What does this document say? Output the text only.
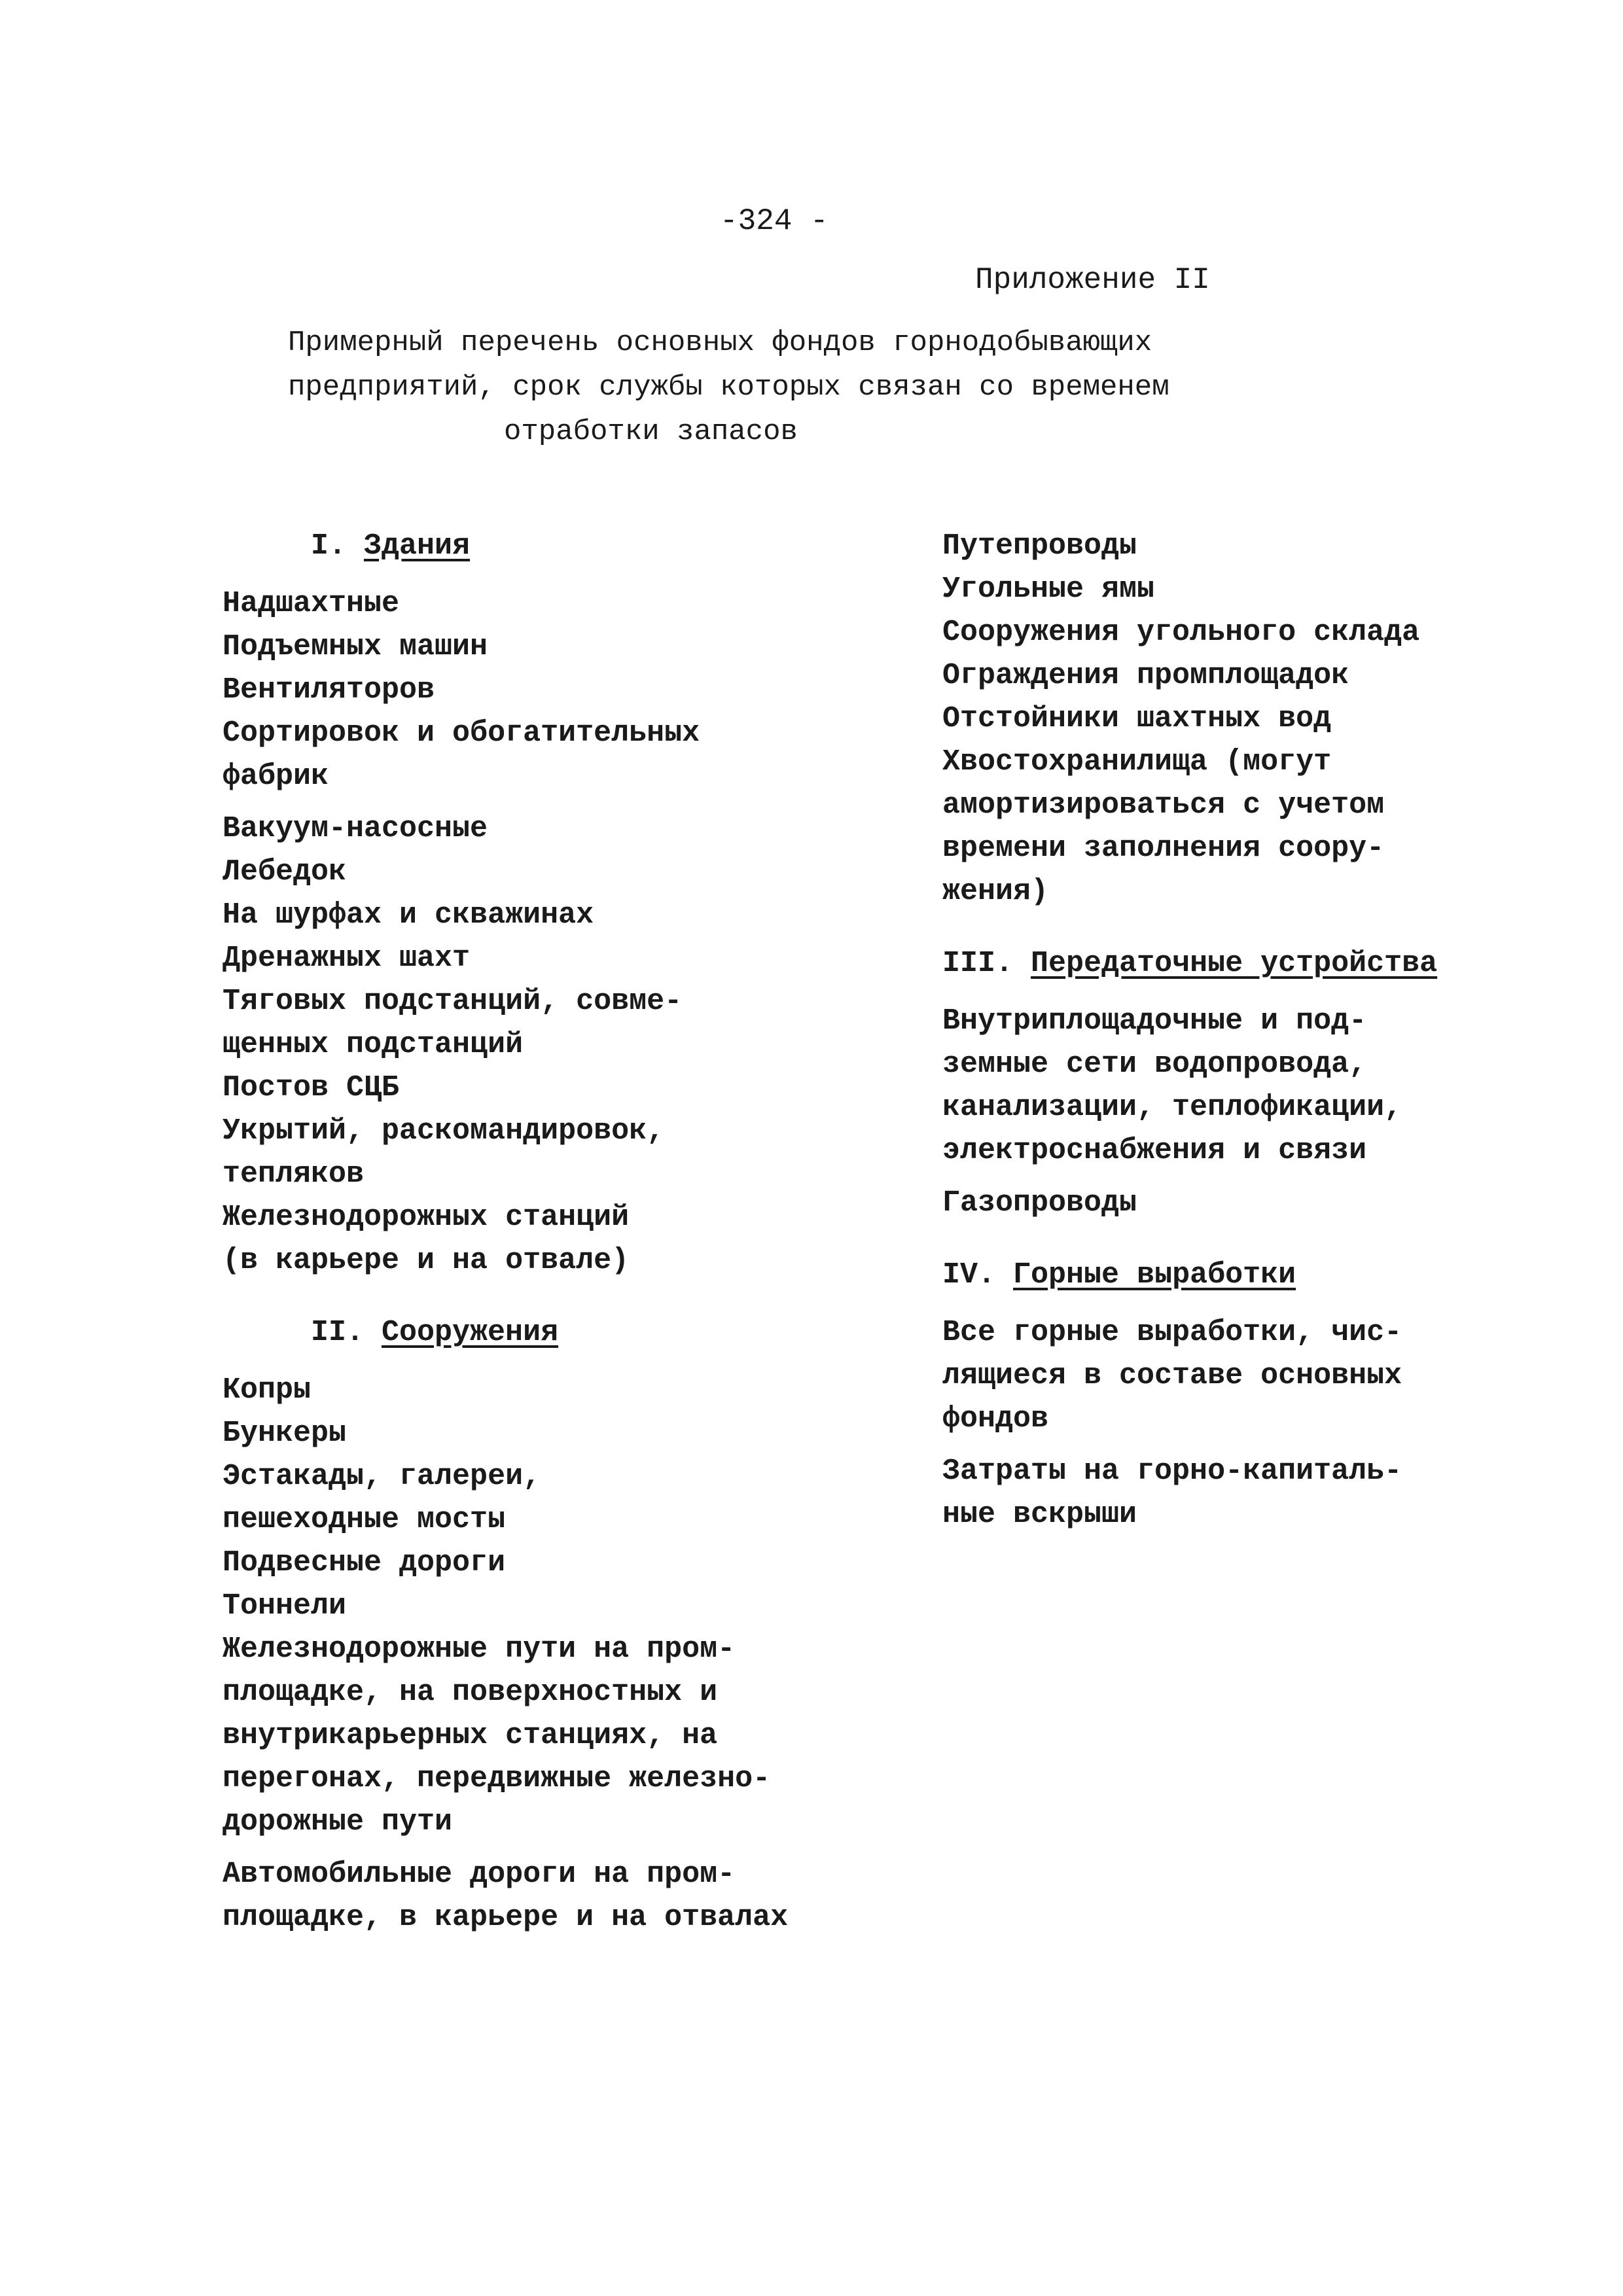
-324 -
Приложение II
Примерный перечень основных фондов горнодобывающих
предприятий, срок службы которых связан со временем
отработки запасов
I. Здания
Надшахтные
Подъемных машин
Вентиляторов
Сортировок и обогатительных
фабрик
Вакуум-насосные
Лебедок
На шурфах и скважинах
Дренажных шахт
Тяговых подстанций, совме-
щенных подстанций
Постов СЦБ
Укрытий, раскомандировок,
тепляков
Железнодорожных станций
(в карьере и на отвале)
II. Сооружения
Копры
Бункеры
Эстакады, галереи,
пешеходные мосты
Подвесные дороги
Тоннели
Железнодорожные пути на пром-
площадке, на поверхностных и
внутрикарьерных станциях, на
перегонах, передвижные железно-
дорожные пути
Автомобильные дороги на пром-
площадке, в карьере и на отвалах
Путепроводы
Угольные ямы
Сооружения угольного склада
Ограждения промплощадок
Отстойники шахтных вод
Хвостохранилища (могут
амортизироваться с учетом
времени заполнения соору-
жения)
III. Передаточные устройства
Внутриплощадочные и под-
земные сети водопровода,
канализации, теплофикации,
электроснабжения и связи
Газопроводы
IV. Горные выработки
Все горные выработки, чис-
лящиеся в составе основных
фондов
Затраты на горно-капиталь-
ные вскрыши
